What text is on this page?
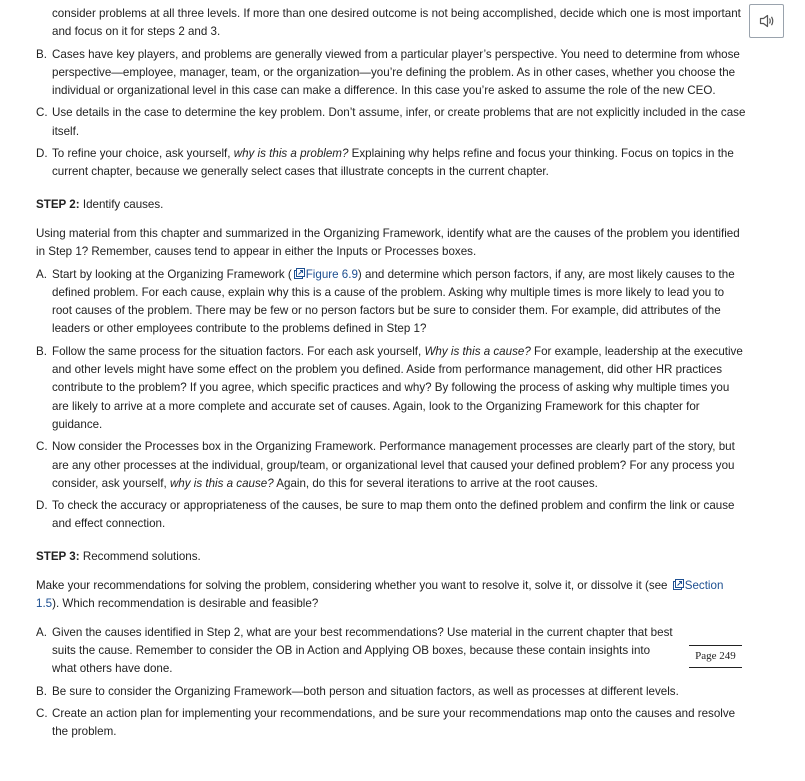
consider problems at all three levels. If more than one desired outcome is not being accomplished, decide which one is most important and focus on it for steps 2 and 3.
B. Cases have key players, and problems are generally viewed from a particular player’s perspective. You need to determine from whose perspective—employee, manager, team, or the organization—you’re defining the problem. As in other cases, whether you choose the individual or organizational level in this case can make a difference. In this case you’re asked to assume the role of the new CEO.
C. Use details in the case to determine the key problem. Don’t assume, infer, or create problems that are not explicitly included in the case itself.
D. To refine your choice, ask yourself, why is this a problem? Explaining why helps refine and focus your thinking. Focus on topics in the current chapter, because we generally select cases that illustrate concepts in the current chapter.
STEP 2: Identify causes.
Using material from this chapter and summarized in the Organizing Framework, identify what are the causes of the problem you identified in Step 1? Remember, causes tend to appear in either the Inputs or Processes boxes.
A. Start by looking at the Organizing Framework ( Figure 6.9) and determine which person factors, if any, are most likely causes to the defined problem. For each cause, explain why this is a cause of the problem. Asking why multiple times is more likely to lead you to root causes of the problem. There may be few or no person factors but be sure to consider them. For example, did attributes of the leaders or other employees contribute to the problems defined in Step 1?
B. Follow the same process for the situation factors. For each ask yourself, Why is this a cause? For example, leadership at the executive and other levels might have some effect on the problem you defined. Aside from performance management, did other HR practices contribute to the problem? If you agree, which specific practices and why? By following the process of asking why multiple times you are likely to arrive at a more complete and accurate set of causes. Again, look to the Organizing Framework for this chapter for guidance.
C. Now consider the Processes box in the Organizing Framework. Performance management processes are clearly part of the story, but are any other processes at the individual, group/team, or organizational level that caused your defined problem? For any process you consider, ask yourself, why is this a cause? Again, do this for several iterations to arrive at the root causes.
D. To check the accuracy or appropriateness of the causes, be sure to map them onto the defined problem and confirm the link or cause and effect connection.
STEP 3: Recommend solutions.
Make your recommendations for solving the problem, considering whether you want to resolve it, solve it, or dissolve it (see Section 1.5). Which recommendation is desirable and feasible?
A. Given the causes identified in Step 2, what are your best recommendations? Use material in the current chapter that best suits the cause. Remember to consider the OB in Action and Applying OB boxes, because these contain insights into what others have done.
B. Be sure to consider the Organizing Framework—both person and situation factors, as well as processes at different levels.
C. Create an action plan for implementing your recommendations, and be sure your recommendations map onto the causes and resolve the problem.
Page 249
